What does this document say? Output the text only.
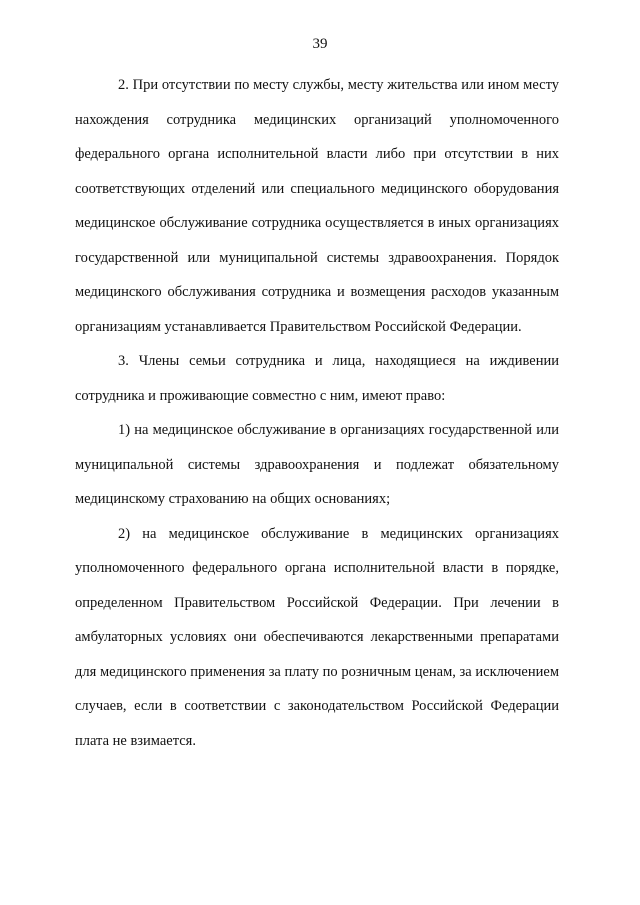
39

2. При отсутствии по месту службы, месту жительства или ином месту нахождения сотрудника медицинских организаций уполномоченного федерального органа исполнительной власти либо при отсутствии в них соответствующих отделений или специального медицинского оборудования медицинское обслуживание сотрудника осуществляется в иных организациях государственной или муниципальной системы здравоохранения. Порядок медицинского обслуживания сотрудника и возмещения расходов указанным организациям устанавливается Правительством Российской Федерации.

3. Члены семьи сотрудника и лица, находящиеся на иждивении сотрудника и проживающие совместно с ним, имеют право:

1) на медицинское обслуживание в организациях государственной или муниципальной системы здравоохранения и подлежат обязательному медицинскому страхованию на общих основаниях;

2) на медицинское обслуживание в медицинских организациях уполномоченного федерального органа исполнительной власти в порядке, определенном Правительством Российской Федерации. При лечении в амбулаторных условиях они обеспечиваются лекарственными препаратами для медицинского применения за плату по розничным ценам, за исключением случаев, если в соответствии с законодательством Российской Федерации плата не взимается.
